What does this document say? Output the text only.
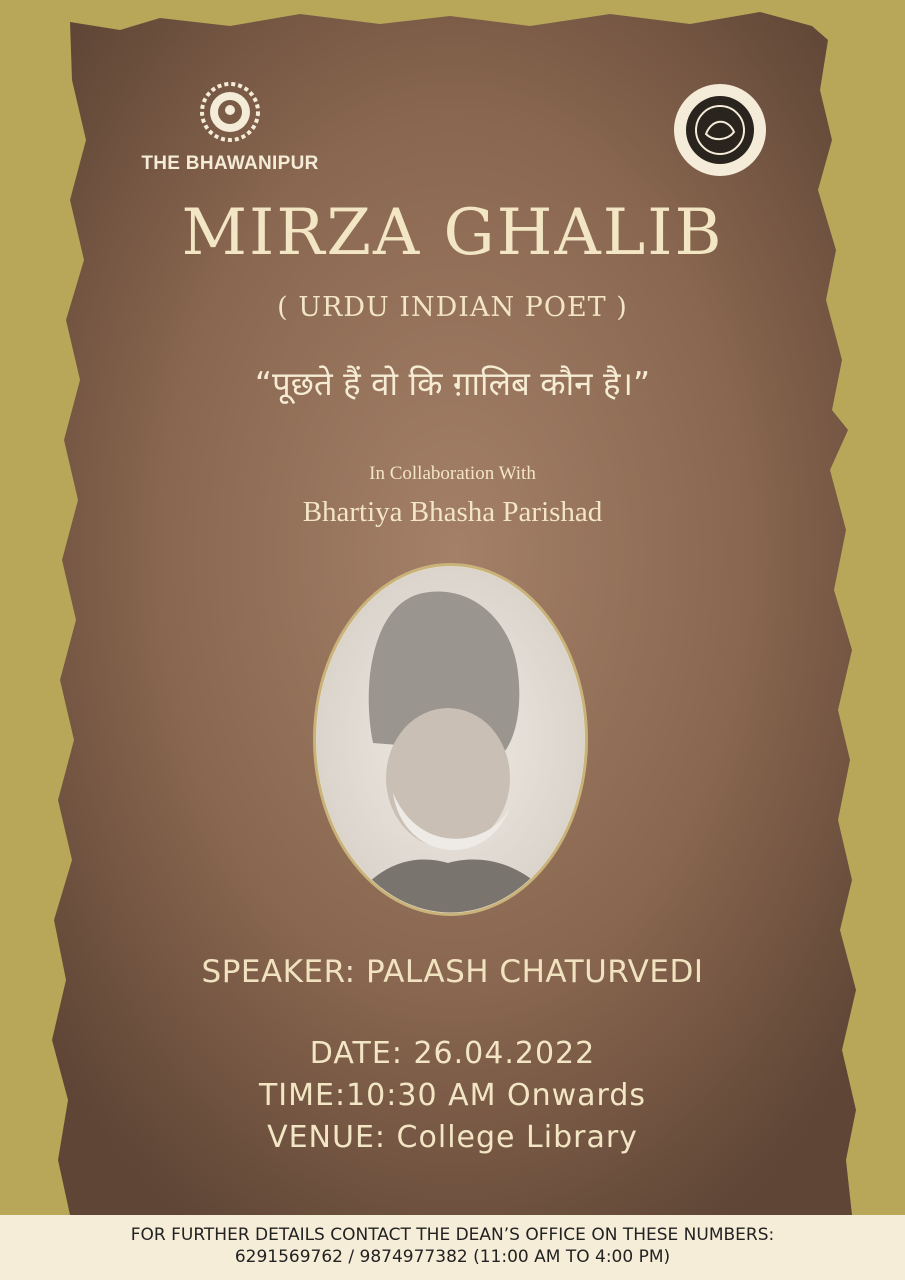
THE BHAWANIPUR
MIRZA GHALIB
( URDU INDIAN POET )
“पूछते हैं वो कि ग़ालिब कौन है।”
In Collaboration With
Bhartiya Bhasha Parishad
SPEAKER: PALASH CHATURVEDI
DATE: 26.04.2022
TIME:10:30 AM Onwards
VENUE: College Library
FOR FURTHER DETAILS CONTACT THE DEAN’S OFFICE ON THESE NUMBERS:
6291569762 / 9874977382 (11:00 AM TO 4:00 PM)
